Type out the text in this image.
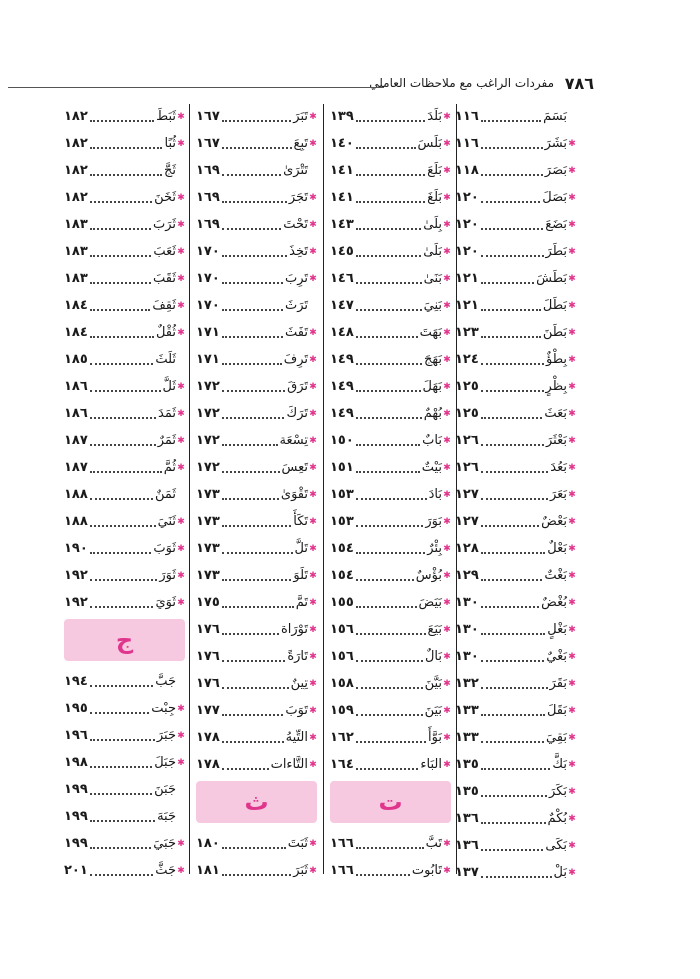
٧٨٦
مفردات الراغب مع ملاحظات العاملي
بَسَمَ
١١٦
✱
بَشَرَ
١١٦
✱
بَصَرَ
١١٨
✱
بَصَلَ
١٢٠
✱
بَضَعَ
١٢٠
✱
بَطَرَ
١٢٠
✱
بَطَشَ
١٢١
✱
بَطَلَ
١٢١
✱
بَطَنَ
١٢٣
✱
بِطْؤٌ
١٢٤
✱
بِظْرٍ
١٢٥
✱
بَعَثَ
١٢٥
✱
بَعْثَرَ
١٢٦
✱
بَعُدَ
١٢٦
✱
بَعَرَ
١٢٧
✱
بَعْضٌ
١٢٧
✱
بَعْلٌ
١٢٨
✱
بَغْتٌ
١٢٩
✱
بُغْضٌ
١٣٠
✱
بَغْلٍ
١٣٠
✱
بَغْيٌ
١٣٠
✱
بَقَرَ
١٣٢
✱
بَقَلَ
١٣٣
✱
بَقِيَ
١٣٣
✱
بَكَّ
١٣٥
✱
بَكَرَ
١٣٥
✱
بُكْمٌ
١٣٦
✱
بَكَى
١٣٦
✱
بَلْ
١٣٧
✱
بَلَدَ
١٣٩
✱
بَلَسَ
١٤٠
✱
بَلَعَ
١٤١
✱
بَلَغَ
١٤١
✱
بِلَىٰ
١٤٣
✱
بَلَىٰ
١٤٥
✱
بَنَىٰ
١٤٦
✱
بَنِيَ
١٤٧
✱
بَهَتَ
١٤٨
✱
بَهَجَ
١٤٩
✱
بَهَلَ
١٤٩
✱
بُهْمٌ
١٤٩
✱
بَابٌ
١٥٠
✱
بَيْتٌ
١٥١
✱
بَادَ
١٥٣
✱
بَوَرَ
١٥٣
✱
بِئْرٌ
١٥٤
✱
بُؤْسٌ
١٥٤
✱
بَيَضَ
١٥٥
✱
بَيَعَ
١٥٦
✱
بَالٌ
١٥٦
✱
بَيَّنَ
١٥٨
✱
بَيَنَ
١٥٩
✱
بَوَّأَ
١٦٢
✱
البَاء
١٦٤
ت
✱
تَبَّ
١٦٦
✱
تَابُوت
١٦٦
✱
تَبَرَ
١٦٧
✱
تَبِعَ
١٦٧
تَتْرَىٰ
١٦٩
✱
تَجَرَ
١٦٩
✱
تَحْتَ
١٦٩
✱
تَخِذَ
١٧٠
✱
تَرِبَ
١٧٠
تَرَثَ
١٧٠
✱
تَفَثَ
١٧١
✱
تَرِفَ
١٧١
✱
تَرَقَ
١٧٢
✱
تَرَكَ
١٧٢
✱
تِسْعَة
١٧٢
✱
تَعِسَ
١٧٢
✱
تَقْوَىٰ
١٧٣
✱
تَكَأَ
١٧٣
✱
تَلَّ
١٧٣
✱
تَلَوَ
١٧٣
✱
تَمَّ
١٧٥
✱
تَوْرَاة
١٧٦
✱
تَارَةً
١٧٦
✱
تِينٌ
١٧٦
✱
تَوَبَ
١٧٧
✱
التِّيهُ
١٧٨
✱
التَّاءات
١٧٨
ث
✱
ثَبَتَ
١٨٠
✱
ثَبَرَ
١٨١
✱
ثَبَطَ
١٨٢
✱
ثُبًا
١٨٢
ثَجَّ
١٨٢
✱
ثَخَنَ
١٨٢
✱
ثَرَبَ
١٨٣
✱
ثَعَبَ
١٨٣
✱
ثَقَبَ
١٨٣
✱
ثَقِفَ
١٨٤
✱
ثُقْلٌ
١٨٤
ثَلَثَ
١٨٥
✱
ثَلَّ
١٨٦
✱
ثَمَدَ
١٨٦
✱
ثَمَرٌ
١٨٧
✱
ثُمَّ
١٨٧
ثَمَنٌ
١٨٨
✱
ثَنَيَ
١٨٨
✱
ثَوَبَ
١٩٠
✱
ثَوَرَ
١٩٢
✱
ثَوَيَ
١٩٢
ج
جَبَّ
١٩٤
✱
جِبْت
١٩٥
✱
جَبَرَ
١٩٦
✱
جَبَلَ
١٩٨
جَبَنَ
١٩٩
جَبَهَ
١٩٩
✱
جَبَيَ
١٩٩
✱
جَثَّ
٢٠١
